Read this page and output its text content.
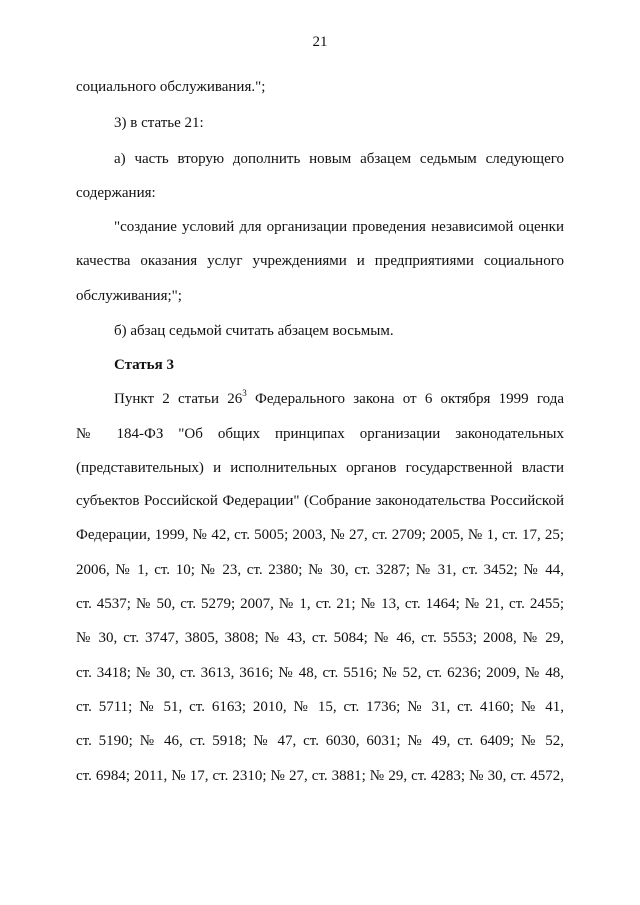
21
социального обслуживания.";
3) в статье 21:
а) часть вторую дополнить новым абзацем седьмым следующего
содержания:
"создание условий для организации проведения независимой оценки
качества оказания услуг учреждениями и предприятиями социального
обслуживания;";
б) абзац седьмой считать абзацем восьмым.
Статья 3
Пункт 2 статьи $26^3$ Федерального закона от 6 октября 1999 года
№ 184-ФЗ "Об общих принципах организации законодательных
(представительных) и исполнительных органов государственной власти
субъектов Российской Федерации" (Собрание законодательства Российской
Федерации, 1999, № 42, ст. 5005; 2003, № 27, ст. 2709; 2005, № 1, ст. 17, 25;
2006, № 1, ст. 10; № 23, ст. 2380; № 30, ст. 3287; № 31, ст. 3452; № 44,
ст. 4537; № 50, ст. 5279; 2007, № 1, ст. 21; № 13, ст. 1464; № 21, ст. 2455;
№ 30, ст. 3747, 3805, 3808; № 43, ст. 5084; № 46, ст. 5553; 2008, № 29,
ст. 3418; № 30, ст. 3613, 3616; № 48, ст. 5516; № 52, ст. 6236; 2009, № 48,
ст. 5711; № 51, ст. 6163; 2010, № 15, ст. 1736; № 31, ст. 4160; № 41,
ст. 5190; № 46, ст. 5918; № 47, ст. 6030, 6031; № 49, ст. 6409; № 52,
ст. 6984; 2011, № 17, ст. 2310; № 27, ст. 3881; № 29, ст. 4283; № 30, ст. 4572,
